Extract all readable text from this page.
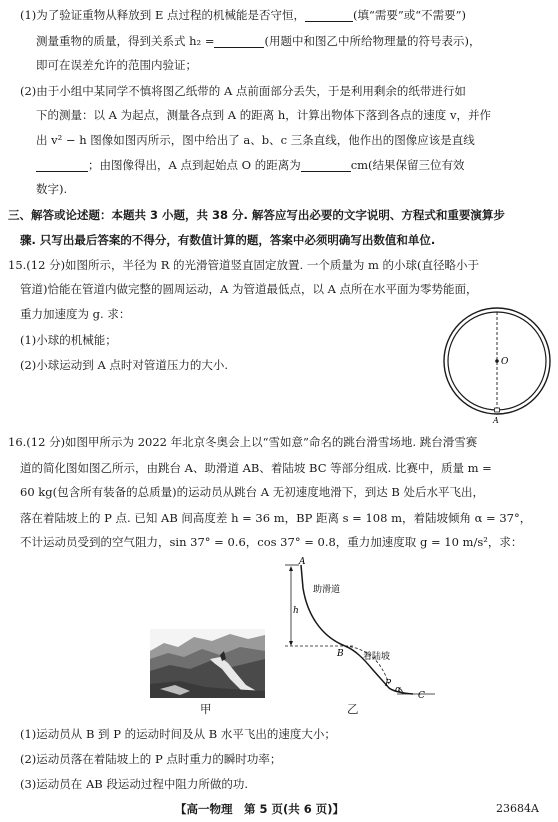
(1)为了验证重物从释放到 E 点过程的机械能是否守恒，	(填“需要”或“不需要”)
测量重物的质量，得到关系式 h₂ =	(用题中和图乙中所给物理量的符号表示)，
即可在误差允许的范围内验证；
(2)由于小组中某同学不慎将图乙纸带的 A 点前面部分丢失，于是利用剩余的纸带进行如
下的测量：以 A 为起点，测量各点到 A 的距离 h，计算出物体下落到各点的速度 v，并作
出 v² − h 图像如图丙所示，图中给出了 a、b、c 三条直线，他作出的图像应该是直线
；由图像得出，A 点到起始点 O 的距离为	cm(结果保留三位有效
数字).
三、解答或论述题：本题共 3 小题，共 38 分. 解答应写出必要的文字说明、方程式和重要演算步
骤. 只写出最后答案的不得分，有数值计算的题，答案中必须明确写出数值和单位.
15.(12 分)如图所示，半径为 R 的光滑管道竖直固定放置. 一个质量为 m 的小球(直径略小于
管道)恰能在管道内做完整的圆周运动，A 为管道最低点，以 A 点所在水平面为零势能面，
重力加速度为 g. 求：
(1)小球的机械能；
(2)小球运动到 A 点时对管道压力的大小.	O
A
16.(12 分)如图甲所示为 2022 年北京冬奥会上以“雪如意”命名的跳台滑雪场地. 跳台滑雪赛
道的简化图如图乙所示，由跳台 A、助滑道 AB、着陆坡 BC 等部分组成. 比赛中，质量 m =
60 kg(包含所有装备的总质量)的运动员从跳台 A 无初速度地滑下，到达 B 处后水平飞出，
落在着陆坡上的 P 点. 已知 AB 间高度差 h = 36 m，BP 距离 s = 108 m，着陆坡倾角 α = 37°，
不计运动员受到的空气阻力，sin 37° = 0.6，cos 37° = 0.8，重力加速度取 g = 10 m/s²，求：
甲
h
A
助滑道
B 着陆坡
P
α
C
乙
(1)运动员从 B 到 P 的运动时间及从 B 水平飞出的速度大小；
(2)运动员落在着陆坡上的 P 点时重力的瞬时功率；
(3)运动员在 AB 段运动过程中阻力所做的功.
【高一物理　第 5 页(共 6 页)】	23684A
